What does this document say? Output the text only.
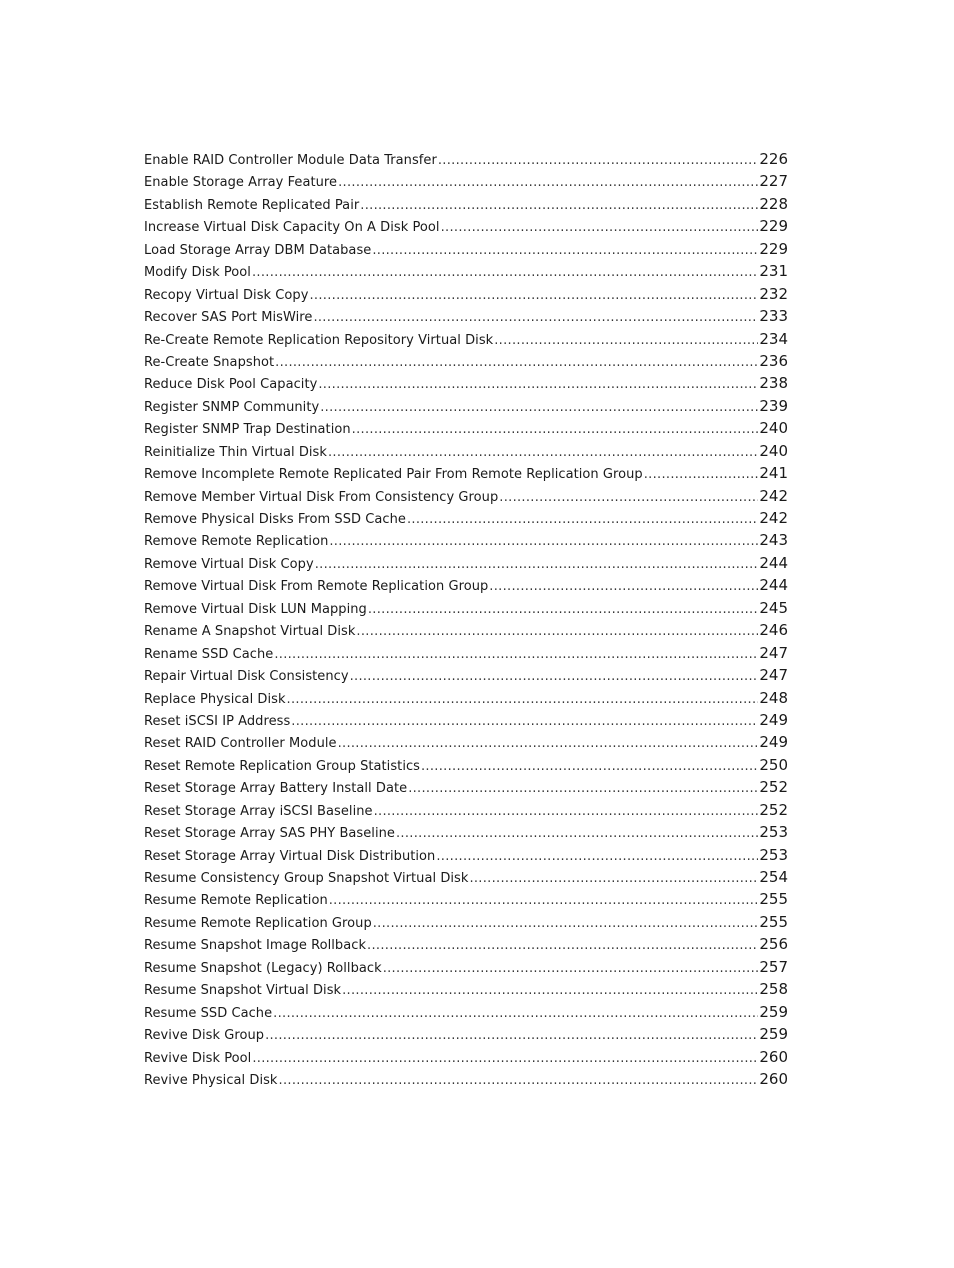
Enable RAID Controller Module Data Transfer .....	226
Enable Storage Array Feature .....	227
Establish Remote Replicated Pair .....	228
Increase Virtual Disk Capacity On A Disk Pool .....	229
Load Storage Array DBM Database .....	229
Modify Disk Pool .....	231
Recopy Virtual Disk Copy .....	232
Recover SAS Port MisWire .....	233
Re-Create Remote Replication Repository Virtual Disk .....	234
Re-Create Snapshot .....	236
Reduce Disk Pool Capacity .....	238
Register SNMP Community .....	239
Register SNMP Trap Destination .....	240
Reinitialize Thin Virtual Disk .....	240
Remove Incomplete Remote Replicated Pair From Remote Replication Group .....	241
Remove Member Virtual Disk From Consistency Group .....	242
Remove Physical Disks From SSD Cache .....	242
Remove Remote Replication .....	243
Remove Virtual Disk Copy .....	244
Remove Virtual Disk From Remote Replication Group .....	244
Remove Virtual Disk LUN Mapping .....	245
Rename A Snapshot Virtual Disk .....	246
Rename SSD Cache .....	247
Repair Virtual Disk Consistency .....	247
Replace Physical Disk .....	248
Reset iSCSI IP Address .....	249
Reset RAID Controller Module .....	249
Reset Remote Replication Group Statistics .....	250
Reset Storage Array Battery Install Date .....	252
Reset Storage Array iSCSI Baseline .....	252
Reset Storage Array SAS PHY Baseline .....	253
Reset Storage Array Virtual Disk Distribution .....	253
Resume Consistency Group Snapshot Virtual Disk .....	254
Resume Remote Replication .....	255
Resume Remote Replication Group .....	255
Resume Snapshot Image Rollback .....	256
Resume Snapshot (Legacy) Rollback .....	257
Resume Snapshot Virtual Disk .....	258
Resume SSD Cache .....	259
Revive Disk Group .....	259
Revive Disk Pool .....	260
Revive Physical Disk .....	260
